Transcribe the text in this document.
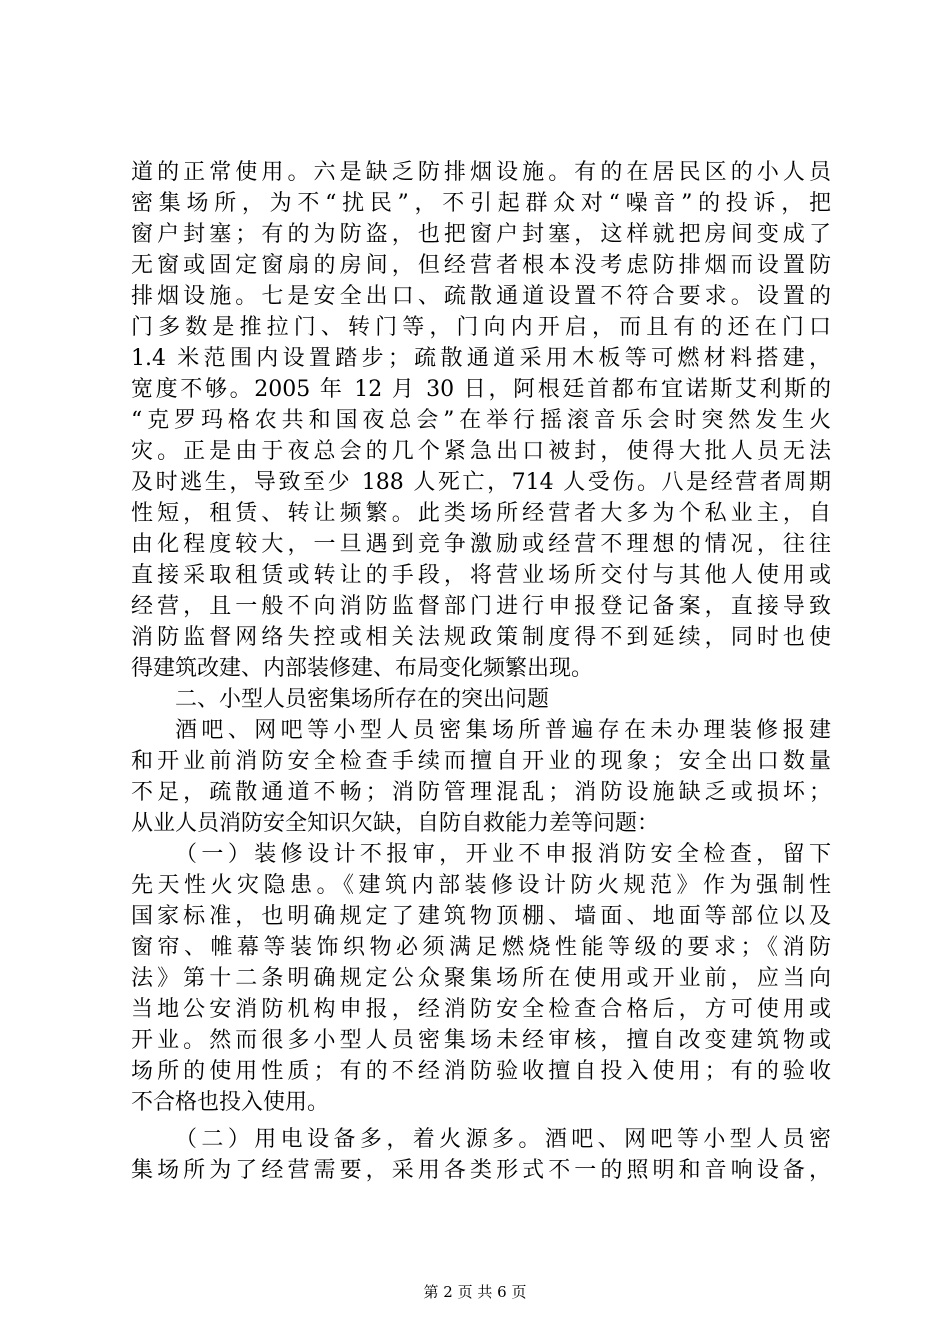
道的正常使用。六是缺乏防排烟设施。有的在居民区的小人员
密集场所，为不“扰民”，不引起群众对“噪音”的投诉，把
窗户封塞；有的为防盗，也把窗户封塞，这样就把房间变成了
无窗或固定窗扇的房间，但经营者根本没考虑防排烟而设置防
排烟设施。七是安全出口、疏散通道设置不符合要求。设置的
门多数是推拉门、转门等，门向内开启，而且有的还在门口
1.4 米范围内设置踏步；疏散通道采用木板等可燃材料搭建，
宽度不够。2005 年 12 月 30 日，阿根廷首都布宜诺斯艾利斯的
“克罗玛格农共和国夜总会”在举行摇滚音乐会时突然发生火
灾。正是由于夜总会的几个紧急出口被封，使得大批人员无法
及时逃生，导致至少 188 人死亡，714 人受伤。八是经营者周期
性短，租赁、转让频繁。此类场所经营者大多为个私业主，自
由化程度较大，一旦遇到竞争激励或经营不理想的情况，往往
直接采取租赁或转让的手段，将营业场所交付与其他人使用或
经营，且一般不向消防监督部门进行申报登记备案，直接导致
消防监督网络失控或相关法规政策制度得不到延续，同时也使
得建筑改建、内部装修建、布局变化频繁出现。
二、小型人员密集场所存在的突出问题
酒吧、网吧等小型人员密集场所普遍存在未办理装修报建
和开业前消防安全检查手续而擅自开业的现象；安全出口数量
不足，疏散通道不畅；消防管理混乱；消防设施缺乏或损坏；
从业人员消防安全知识欠缺，自防自救能力差等问题：
（一）装修设计不报审，开业不申报消防安全检查，留下
先天性火灾隐患。《建筑内部装修设计防火规范》作为强制性
国家标准，也明确规定了建筑物顶棚、墙面、地面等部位以及
窗帘、帷幕等装饰织物必须满足燃烧性能等级的要求；《消防
法》第十二条明确规定公众聚集场所在使用或开业前，应当向
当地公安消防机构申报，经消防安全检查合格后，方可使用或
开业。然而很多小型人员密集场未经审核，擅自改变建筑物或
场所的使用性质；有的不经消防验收擅自投入使用；有的验收
不合格也投入使用。
（二）用电设备多，着火源多。酒吧、网吧等小型人员密
集场所为了经营需要，采用各类形式不一的照明和音响设备，
第 2 页 共 6 页
